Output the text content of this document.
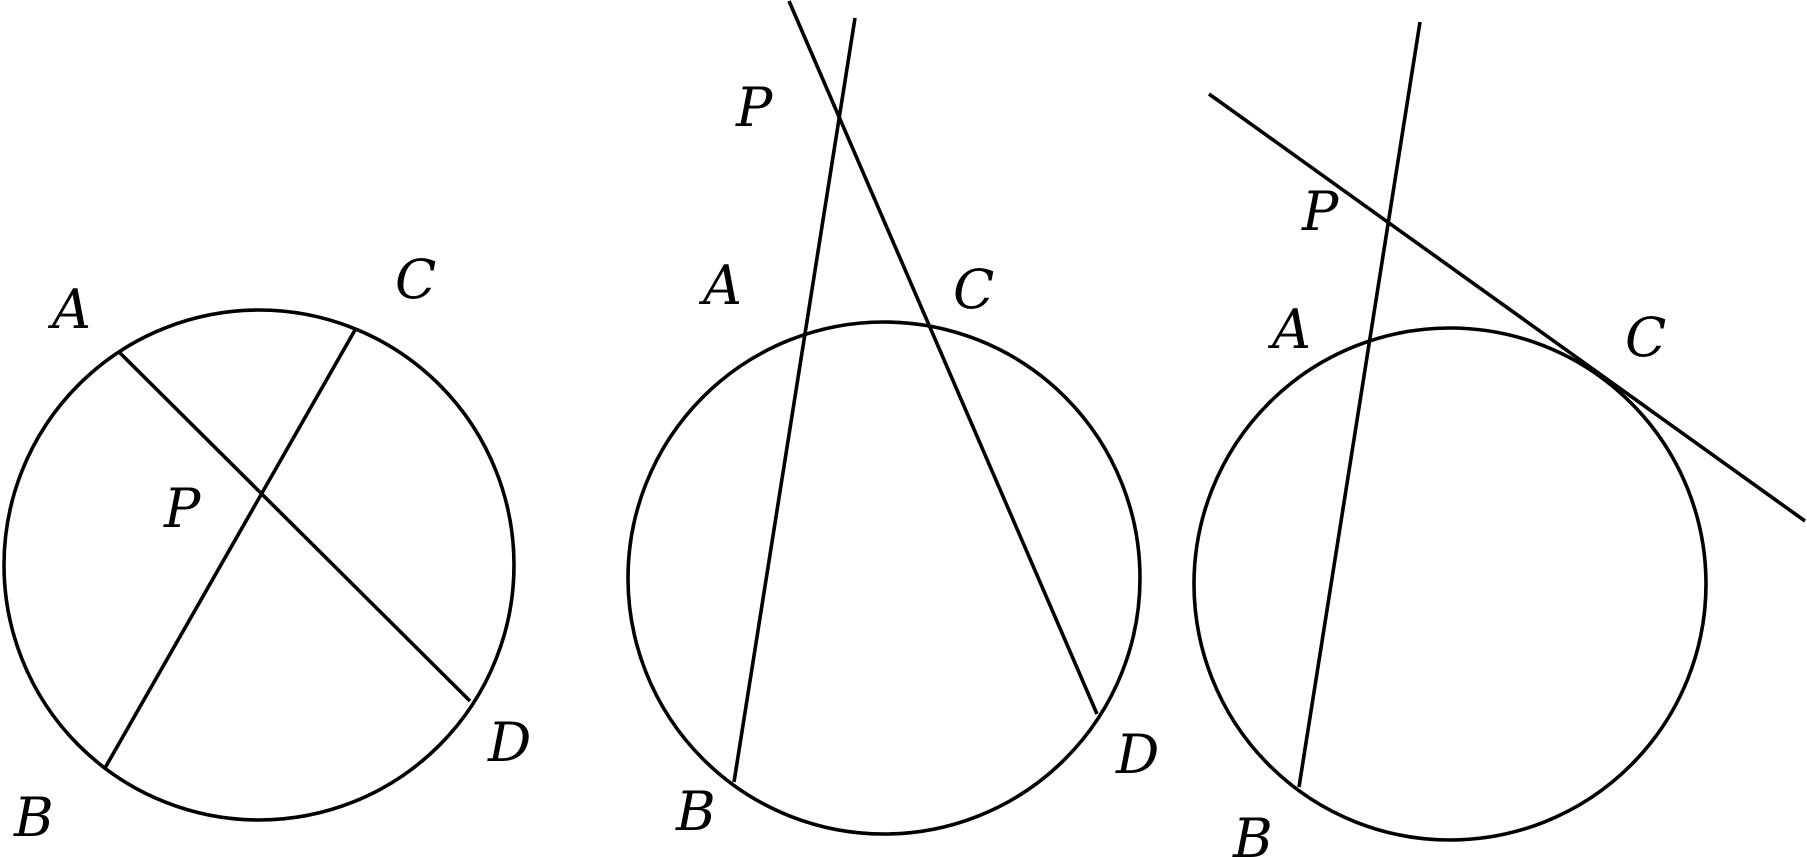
A	C
P
D
B
P
A	C
D
B
P
A	C
B
